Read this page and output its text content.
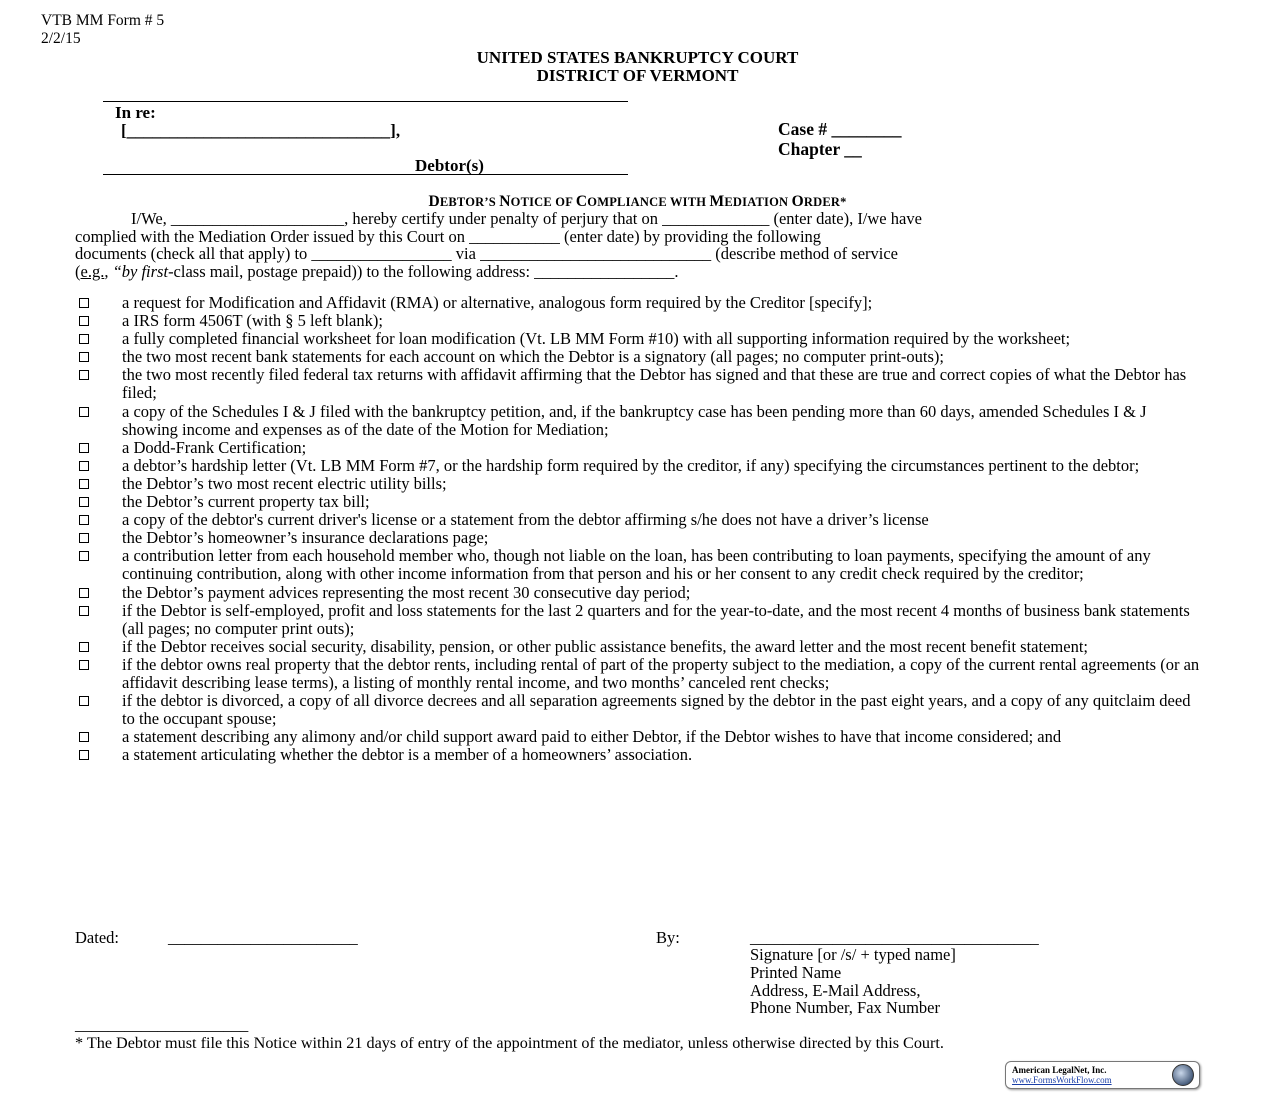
VTB MM Form # 5
2/2/15
UNITED STATES BANKRUPTCY COURT
DISTRICT OF VERMONT
In re:
[_______________________________],
Debtor(s)
Case # ________
Chapter __
DEBTOR’S NOTICE OF COMPLIANCE WITH MEDIATION ORDER*
I/We, _____________________, hereby certify under penalty of perjury that on _____________ (enter date), I/we have
complied with the Mediation Order issued by this Court on ___________ (enter date) by providing the following
documents (check all that apply) to _________________ via ____________________________ (describe method of service
(e.g., “by first-class mail, postage prepaid)) to the following address: _________________.
a request for Modification and Affidavit (RMA) or alternative, analogous form required by the Creditor [specify];
a IRS form 4506T (with § 5 left blank);
a fully completed financial worksheet for loan modification (Vt. LB MM Form #10) with all supporting information required by the worksheet;
the two most recent bank statements for each account on which the Debtor is a signatory (all pages; no computer print-outs);
the two most recently filed federal tax returns with affidavit affirming that the Debtor has signed and that these are true and correct copies of what the Debtor has filed;
a copy of the Schedules I & J filed with the bankruptcy petition, and, if the bankruptcy case has been pending more than 60 days, amended Schedules I & J showing income and expenses as of the date of the Motion for Mediation;
a Dodd-Frank Certification;
a debtor’s hardship letter (Vt. LB MM Form #7, or the hardship form required by the creditor, if any) specifying the circumstances pertinent to the debtor;
the Debtor’s two most recent electric utility bills;
the Debtor’s current property tax bill;
a copy of the debtor's current driver's license or a statement from the debtor affirming s/he does not have a driver’s license
the Debtor’s homeowner’s insurance declarations page;
a contribution letter from each household member who, though not liable on the loan, has been contributing to loan payments, specifying the amount of any continuing contribution, along with other income information from that person and his or her consent to any credit check required by the creditor;
the Debtor’s payment advices representing the most recent 30 consecutive day period;
if the Debtor is self-employed, profit and loss statements for the last 2 quarters and for the year-to-date, and the most recent 4 months of business bank statements (all pages; no computer print outs);
if the Debtor receives social security, disability, pension, or other public assistance benefits, the award letter and the most recent benefit statement;
if the debtor owns real property that the debtor rents, including rental of part of the property subject to the mediation, a copy of the current rental agreements (or an affidavit describing lease terms), a listing of monthly rental income, and two months’ canceled rent checks;
if the debtor is divorced, a copy of all divorce decrees and all separation agreements signed by the debtor in the past eight years, and a copy of any quitclaim deed to the occupant spouse;
a statement describing any alimony and/or child support award paid to either Debtor, if the Debtor wishes to have that income considered; and
a statement articulating whether the debtor is a member of a homeowners’ association.
Dated:	_______________________	By:	___________________________________
Signature [or /s/ + typed name]
Printed Name
Address, E-Mail Address,
Phone Number, Fax Number
_____________________
* The Debtor must file this Notice within 21 days of entry of the appointment of the mediator, unless otherwise directed by this Court.
American LegalNet, Inc.
www.FormsWorkFlow.com
